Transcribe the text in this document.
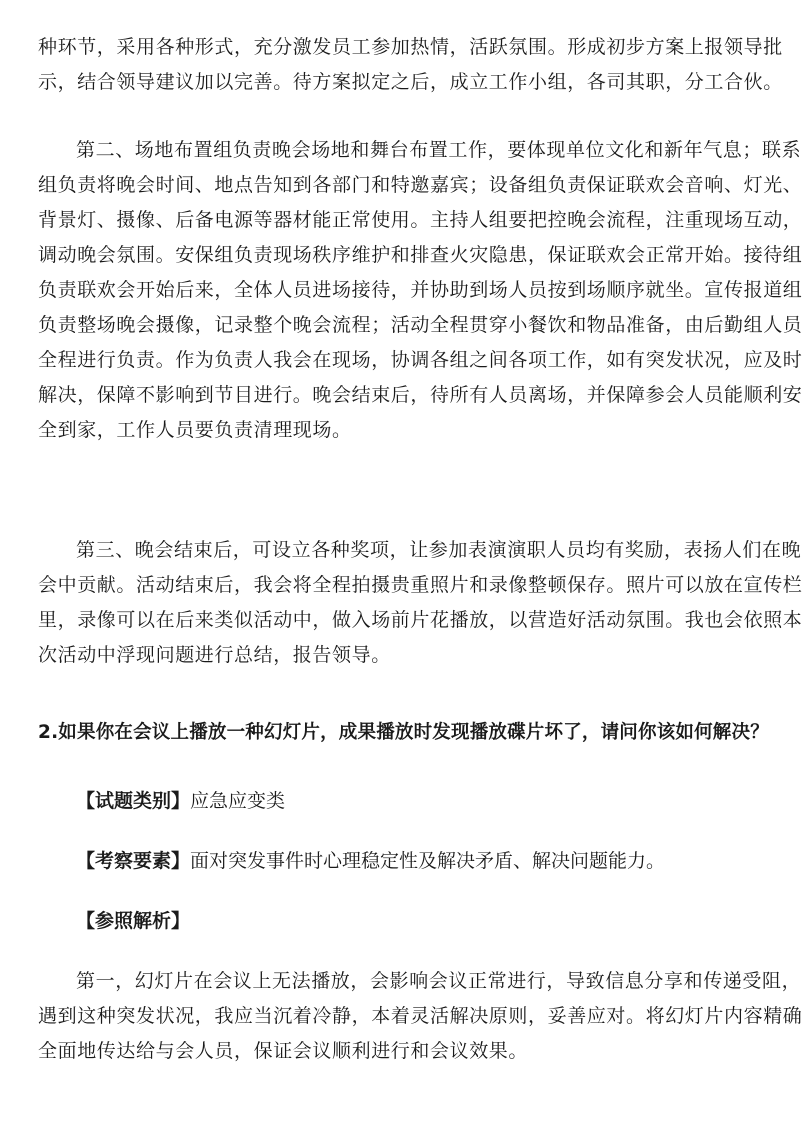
种环节，采用各种形式，充分激发员工参加热情，活跃氛围。形成初步方案上报领导批
示，结合领导建议加以完善。待方案拟定之后，成立工作小组，各司其职，分工合伙。
第二、场地布置组负责晚会场地和舞台布置工作，要体现单位文化和新年气息；联系
组负责将晚会时间、地点告知到各部门和特邀嘉宾；设备组负责保证联欢会音响、灯光、
背景灯、摄像、后备电源等器材能正常使用。主持人组要把控晚会流程，注重现场互动，
调动晚会氛围。安保组负责现场秩序维护和排查火灾隐患，保证联欢会正常开始。接待组
负责联欢会开始后来，全体人员进场接待，并协助到场人员按到场顺序就坐。宣传报道组
负责整场晚会摄像，记录整个晚会流程；活动全程贯穿小餐饮和物品准备，由后勤组人员
全程进行负责。作为负责人我会在现场，协调各组之间各项工作，如有突发状况，应及时
解决，保障不影响到节目进行。晚会结束后，待所有人员离场，并保障参会人员能顺利安
全到家，工作人员要负责清理现场。
第三、晚会结束后，可设立各种奖项，让参加表演演职人员均有奖励，表扬人们在晚
会中贡献。活动结束后，我会将全程拍摄贵重照片和录像整顿保存。照片可以放在宣传栏
里，录像可以在后来类似活动中，做入场前片花播放，以营造好活动氛围。我也会依照本
次活动中浮现问题进行总结，报告领导。

2.如果你在会议上播放一种幻灯片，成果播放时发现播放碟片坏了，请问你该如何解决？

【试题类别】应急应变类

【考察要素】面对突发事件时心理稳定性及解决矛盾、解决问题能力。

【参照解析】

第一，幻灯片在会议上无法播放，会影响会议正常进行，导致信息分享和传递受阻，
遇到这种突发状况，我应当沉着冷静，本着灵活解决原则，妥善应对。将幻灯片内容精确
全面地传达给与会人员，保证会议顺利进行和会议效果。
